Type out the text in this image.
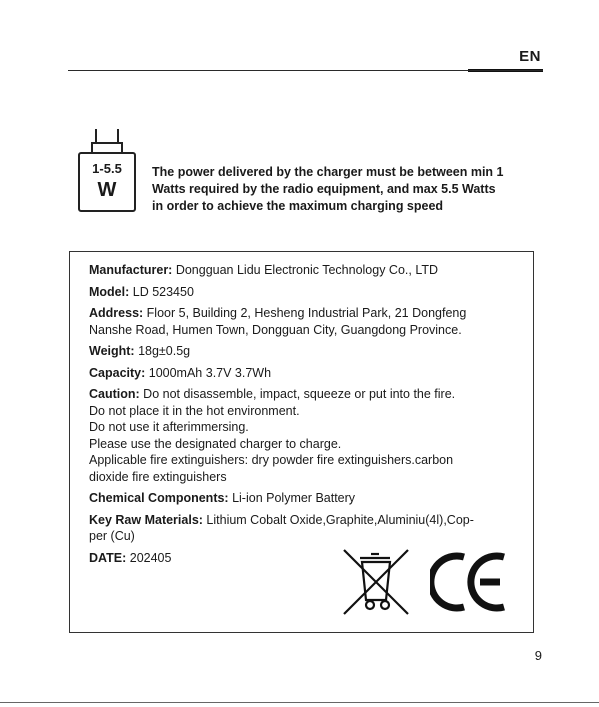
EN
1-5.5
W
The power delivered by the charger must be between min 1
Watts required by the radio equipment, and max 5.5 Watts
in order to achieve the maximum charging speed
Manufacturer: Dongguan Lidu Electronic Technology Co., LTD
Model: LD 523450
Address: Floor 5, Building 2, Hesheng Industrial Park, 21 Dongfeng
Nanshe Road, Humen Town, Dongguan City, Guangdong Province.
Weight: 18g±0.5g
Capacity: 1000mAh 3.7V 3.7Wh
Caution: Do not disassemble, impact, squeeze or put into the fire.
Do not place it in the hot environment.
Do not use it afterimmersing.
Please use the designated charger to charge.
Applicable fire extinguishers: dry powder fire extinguishers.carbon
dioxide fire extinguishers
Chemical Components: Li-ion Polymer Battery
Key Raw Materials: Lithium Cobalt Oxide,Graphite,Aluminiu(4l),Cop-
per (Cu)
DATE: 202405
9
